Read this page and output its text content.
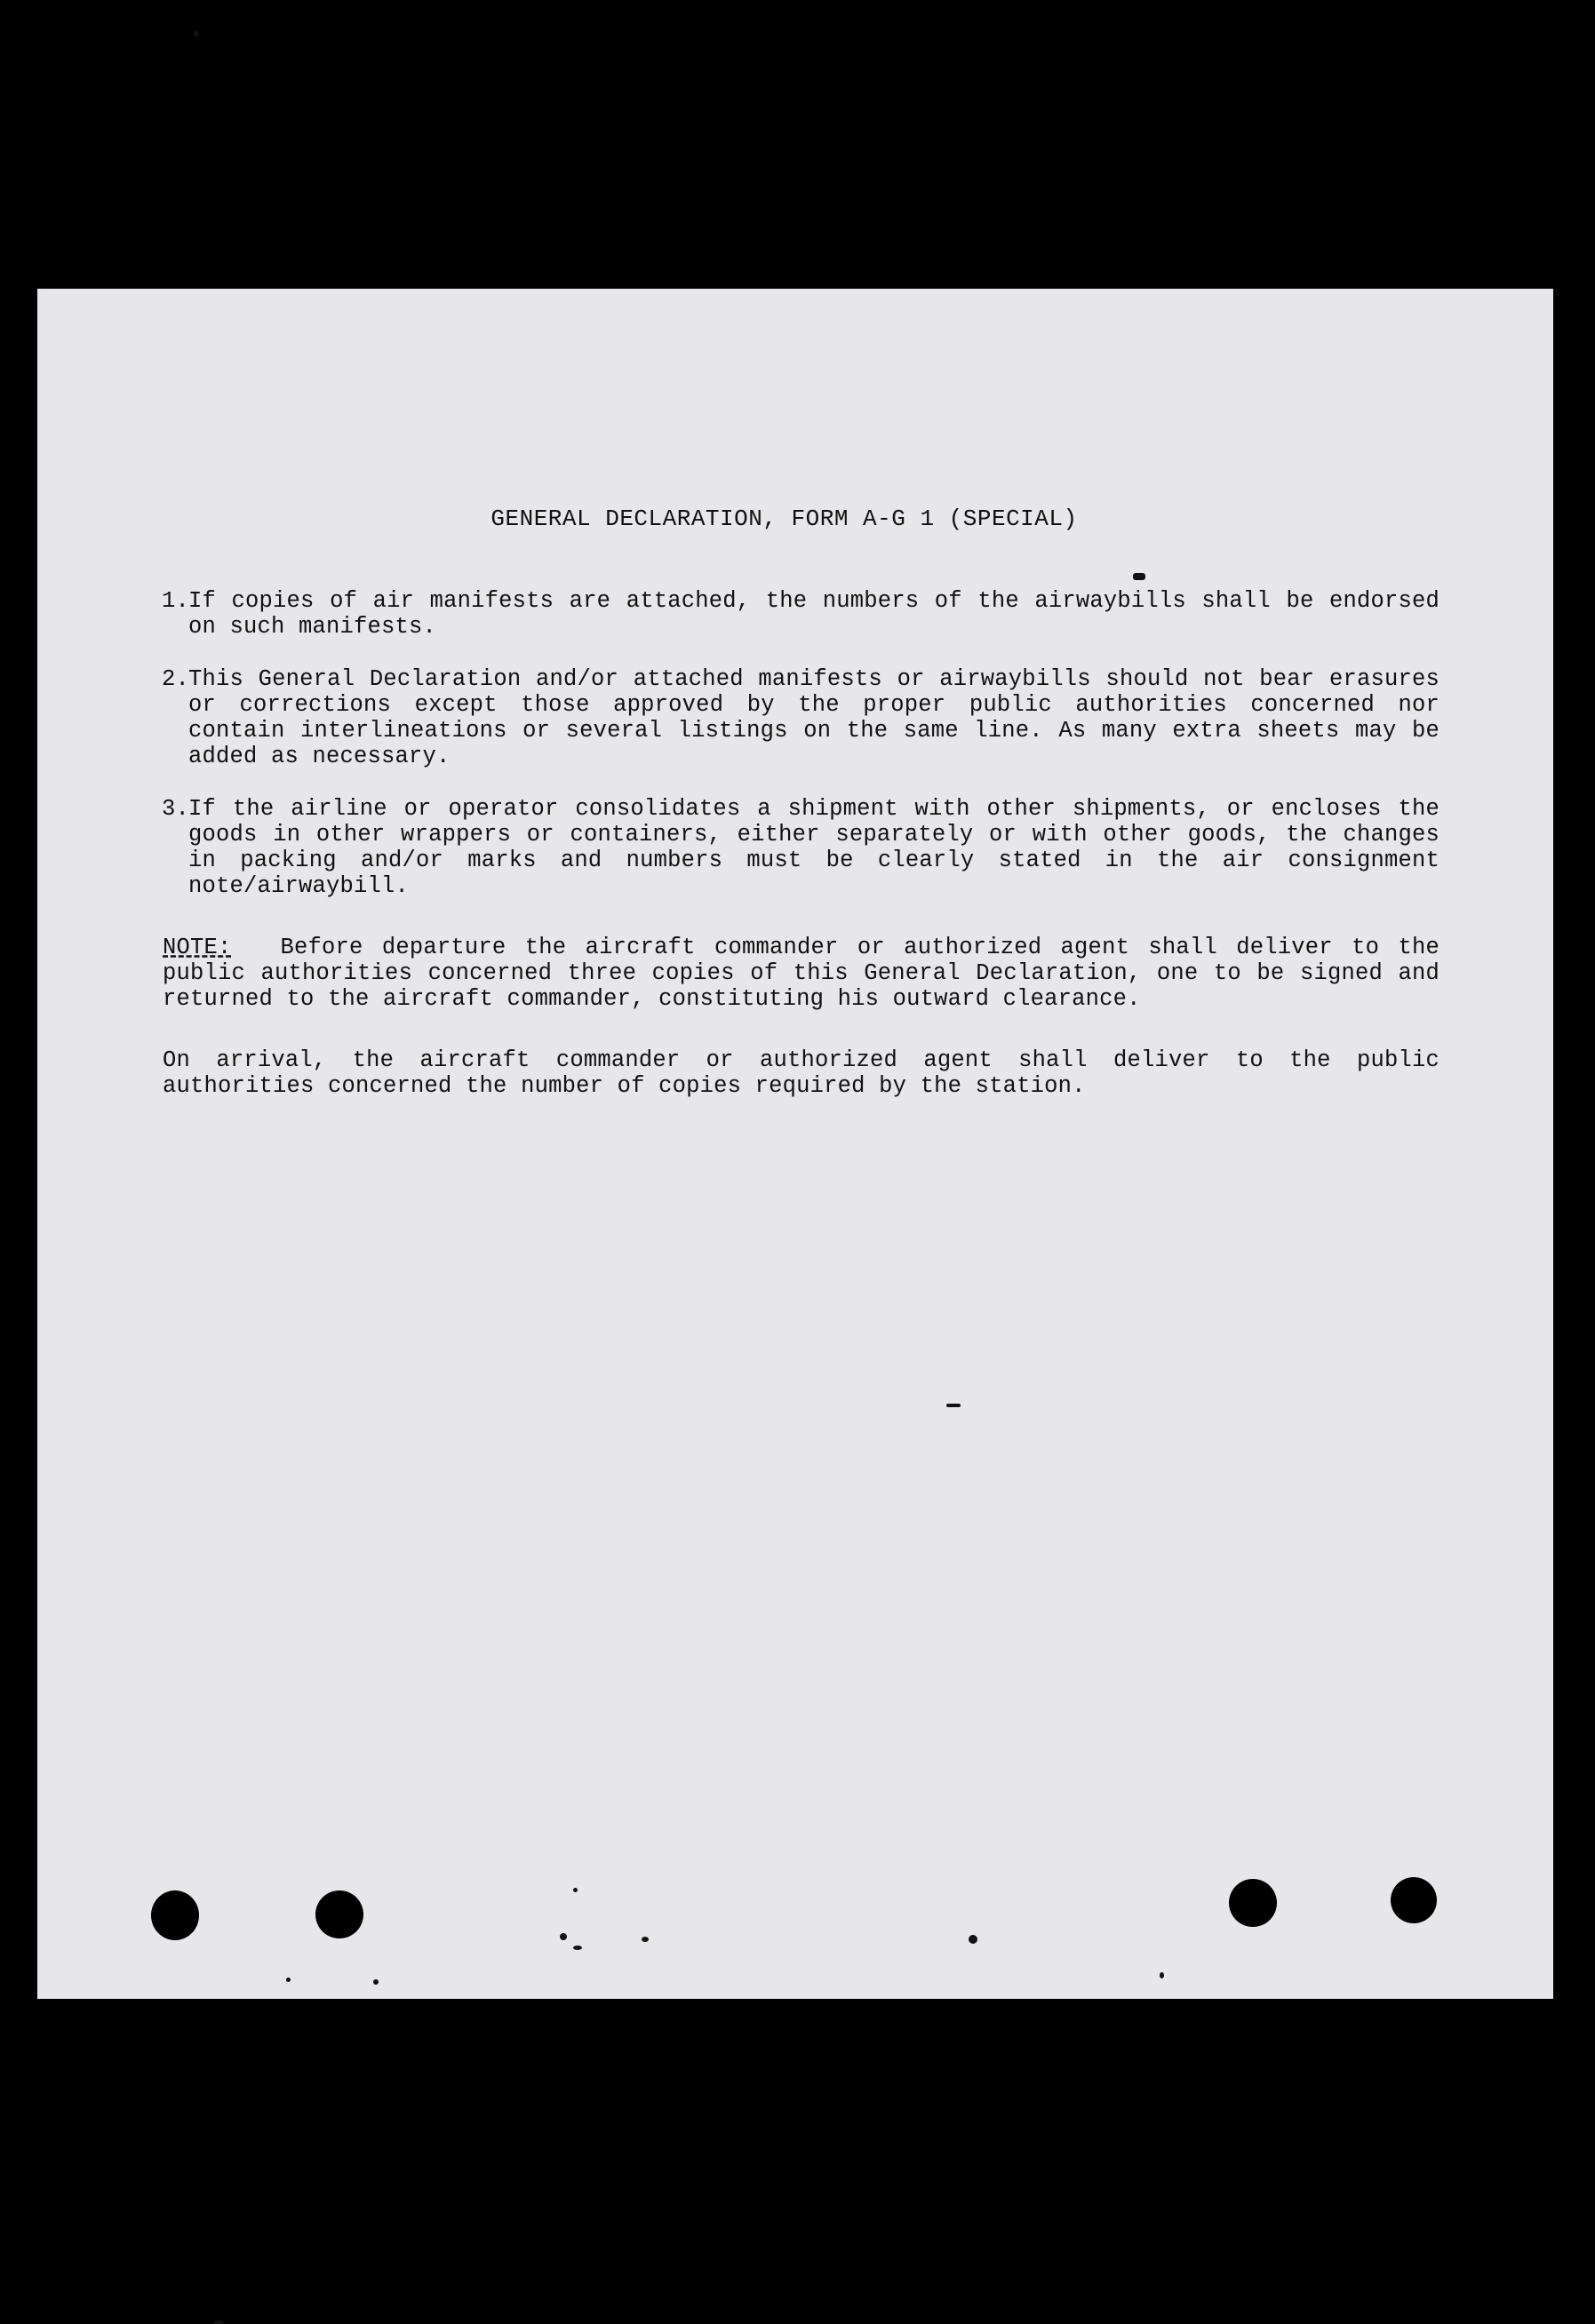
GENERAL DECLARATION, FORM A-G 1 (SPECIAL)
1.
If copies of air manifests are attached, the numbers of the airwaybills shall be endorsed on such manifests.
2.
This General Declaration and/or attached manifests or airwaybills should not bear erasures or corrections except those approved by the proper public authorities concerned nor contain interlineations or several listings on the same line. As many extra sheets may be added as necessary.
3.
If the airline or operator consolidates a shipment with other shipments, or encloses the goods in other wrappers or containers, either separately or with other goods, the changes in packing and/or marks and numbers must be clearly stated in the air consignment note/airwaybill.
NOTE: Before departure the aircraft commander or authorized agent shall deliver to the public authorities concerned three copies of this General Declaration, one to be signed and returned to the aircraft commander, constituting his outward clearance.
On arrival, the aircraft commander or authorized agent shall deliver to the public authorities concerned the number of copies required by the station.
